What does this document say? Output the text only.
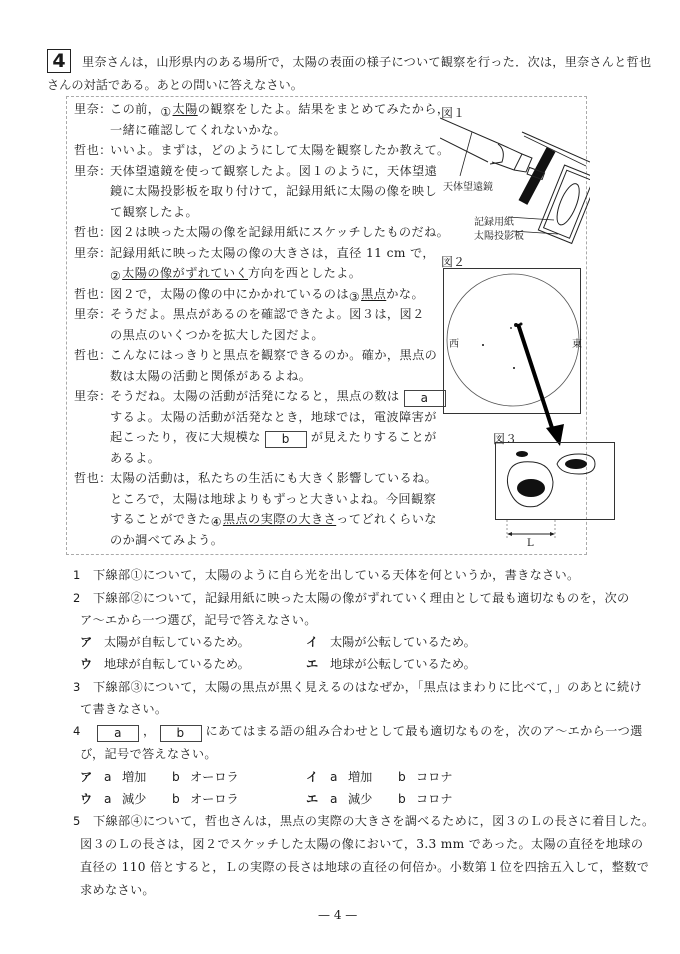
4	里奈さんは，山形県内のある場所で，太陽の表面の様子について観察を行った．次は，里奈さんと哲也
さんの対話である。あとの問いに答えなさい。
里奈：この前，①太陽の観察をしたよ。結果をまとめてみたから，
一緒に確認してくれないかな。
哲也：いいよ。まずは，どのようにして太陽を観察したか教えて。
里奈：天体望遠鏡を使って観察したよ。図１のように，天体望遠
鏡に太陽投影板を取り付けて，記録用紙に太陽の像を映し
て観察したよ。
哲也：図２は映った太陽の像を記録用紙にスケッチしたものだね。
里奈：記録用紙に映った太陽の像の大きさは，直径 11 cm で，
②太陽の像がずれていく方向を西としたよ。
哲也：図２で，太陽の像の中にかかれているのは③黒点かな。
里奈：そうだよ。黒点があるのを確認できたよ。図３は，図２
の黒点のいくつかを拡大した図だよ。
哲也：こんなにはっきりと黒点を観察できるのか。確か，黒点の
数は太陽の活動と関係があるよね。
里奈：そうだね。太陽の活動が活発になると，黒点の数は a
するよ。太陽の活動が活発なとき，地球では，電波障害が
起こったり，夜に大規模な b が見えたりすることが
あるよ。
哲也：太陽の活動は，私たちの生活にも大きく影響しているね。
ところで，太陽は地球よりもずっと大きいよね。今回観察
図１
天体望遠鏡
記録用紙
太陽投影板
図２
西	東
図３
L
1 下線部①について，太陽のように自ら光を出している天体を何というか，書きなさい。
2 下線部②について，記録用紙に映った太陽の像がずれていく理由として最も適切なものを，次の
ア～エから一つ選び，記号で答えなさい。
ア 太陽が自転しているため。	イ 太陽が公転しているため。
ウ 地球が自転しているため。	エ 地球が公転しているため。
3 下線部③について，太陽の黒点が黒く見えるのはなぜか，「黒点はまわりに比べて，」のあとに続け
て書きなさい。
4	a ， b にあてはまる語の組み合わせとして最も適切なものを，次のア～エから一つ選
び，記号で答えなさい。
ア a 増加 b オーロラ	イ a 増加 b コロナ
ウ a 減少 b オーロラ	エ a 減少 b コロナ
5 下線部④について，哲也さんは，黒点の実際の大きさを調べるために，図３のＬの長さに着目した。
図３のＬの長さは，図２でスケッチした太陽の像において，3.3 mm であった。太陽の直径を地球の
直径の 110 倍とすると，Ｌの実際の長さは地球の直径の何倍か。小数第１位を四捨五入して，整数で
求めなさい。
— 4 —
することができた④黒点の実際の大きさってどれくらいな
のか調べてみよう。
